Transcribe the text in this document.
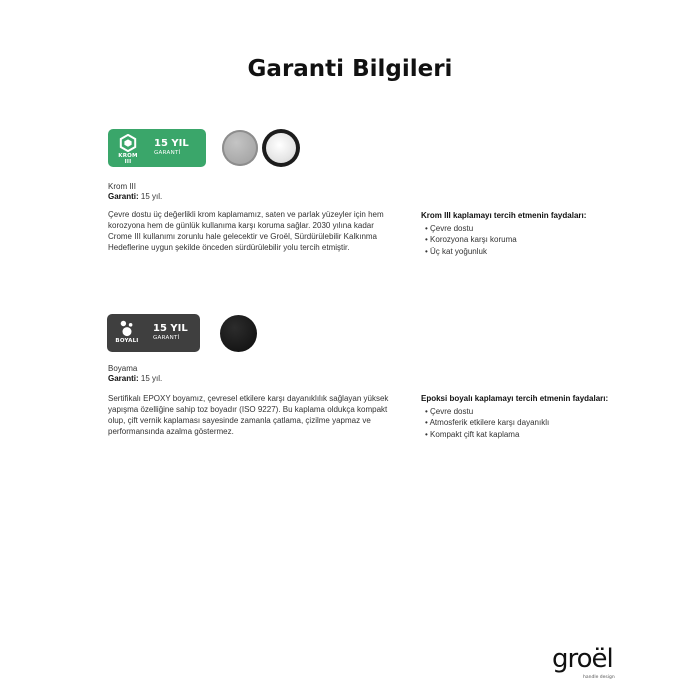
Garanti Bilgileri
KROM III
15 YIL
GARANTİ
Krom III
Garanti: 15 yıl.
Çevre dostu üç değerlikli krom kaplamamız, saten ve parlak yüzeyler için hem korozyona hem de günlük kullanıma karşı koruma sağlar. 2030 yılına kadar Crome III kullanımı zorunlu hale gelecektir ve Groël, Sürdürülebilir Kalkınma Hedeflerine uygun şekilde önceden sürdürülebilir yolu tercih etmiştir.
Krom III kaplamayı tercih etmenin faydaları:
• Çevre dostu
• Korozyona karşı koruma
• Üç kat yoğunluk
BOYALI
15 YIL
GARANTİ
Boyama
Garanti: 15 yıl.
Sertifikalı EPOXY boyamız, çevresel etkilere karşı dayanıklılık sağlayan yüksek yapışma özelliğine sahip toz boyadır (ISO 9227). Bu kaplama oldukça kompakt olup, çift vernik kaplaması sayesinde zamanla çatlama, çizilme yapmaz ve performansında azalma göstermez.
Epoksi boyalı kaplamayı tercih etmenin faydaları:
• Çevre dostu
• Atmosferik etkilere karşı dayanıklı
• Kompakt çift kat kaplama
groël
handle design
